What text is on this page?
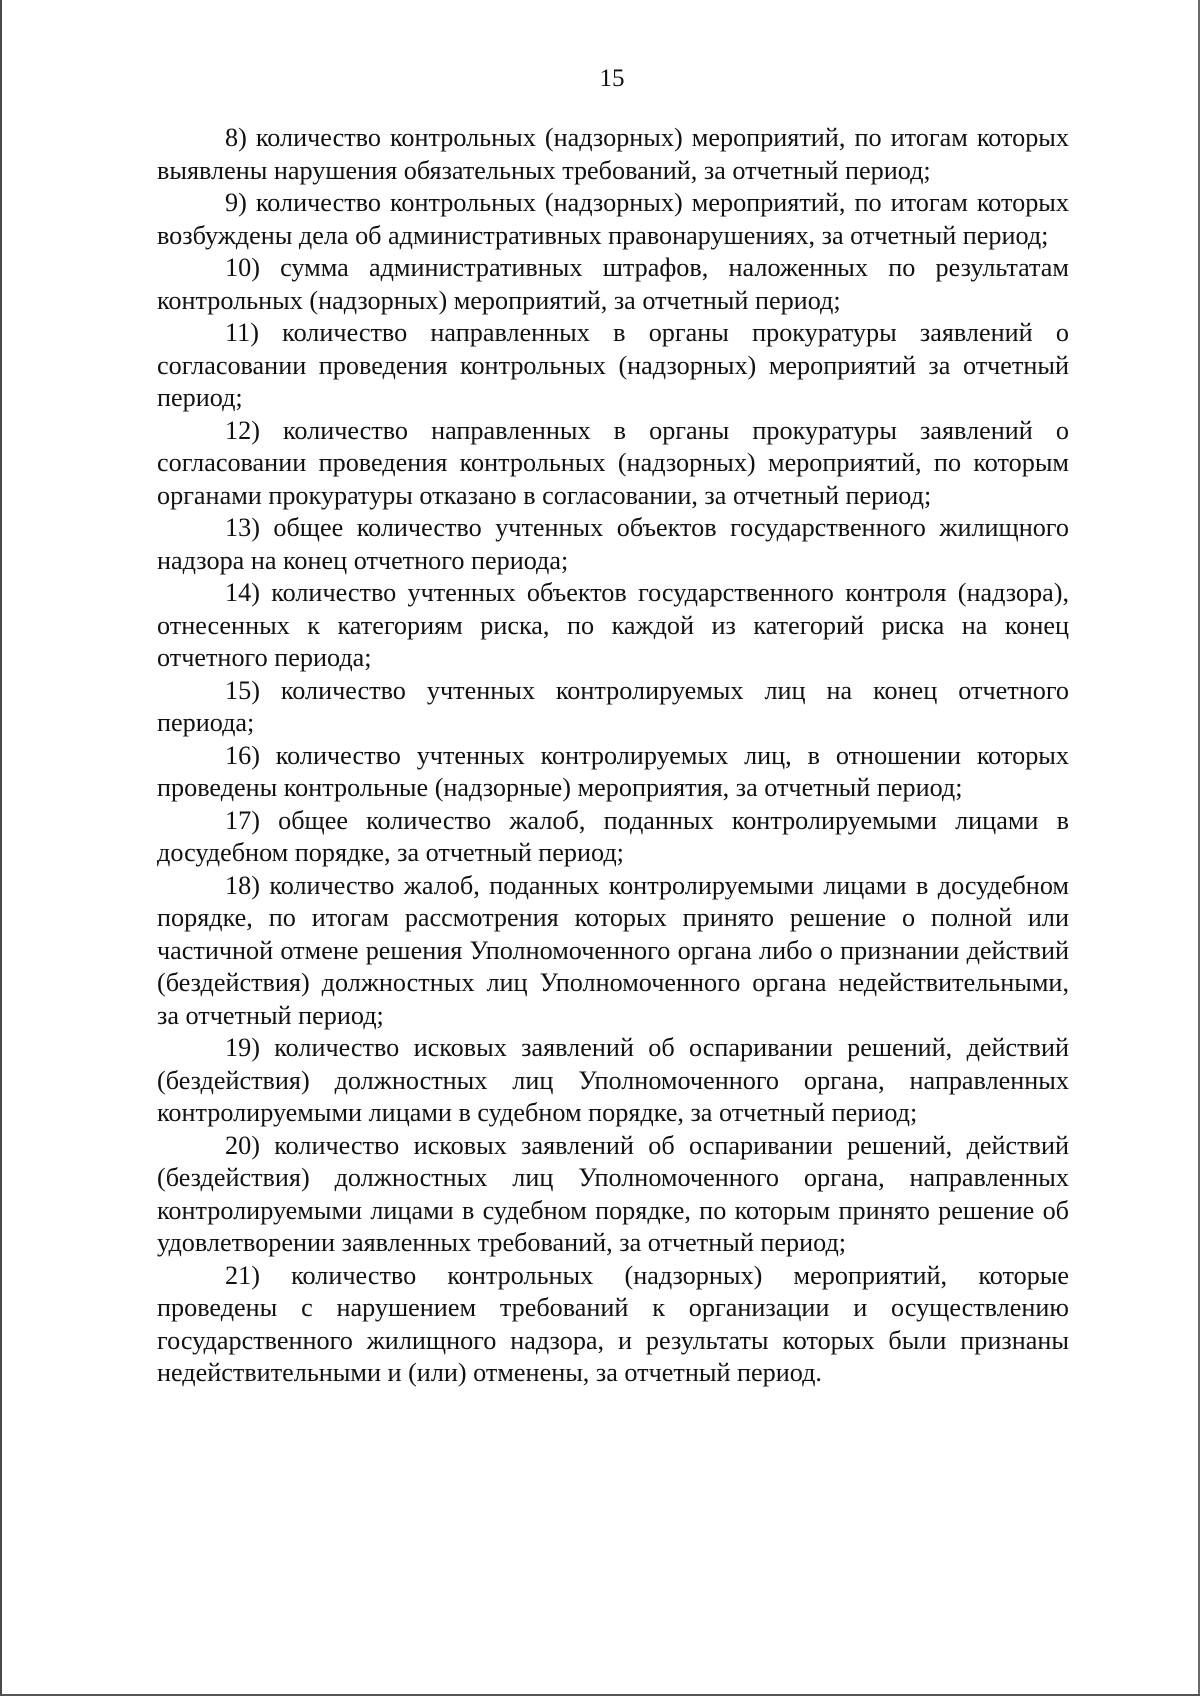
15

8) количество контрольных (надзорных) мероприятий, по итогам которых выявлены нарушения обязательных требований, за отчетный период;

9) количество контрольных (надзорных) мероприятий, по итогам которых возбуждены дела об административных правонарушениях, за отчетный период;

10) сумма административных штрафов, наложенных по результатам контрольных (надзорных) мероприятий, за отчетный период;

11) количество направленных в органы прокуратуры заявлений о согласовании проведения контрольных (надзорных) мероприятий за отчетный период;

12) количество направленных в органы прокуратуры заявлений о согласовании проведения контрольных (надзорных) мероприятий, по которым органами прокуратуры отказано в согласовании, за отчетный период;

13) общее количество учтенных объектов государственного жилищного надзора на конец отчетного периода;

14) количество учтенных объектов государственного контроля (надзора), отнесенных к категориям риска, по каждой из категорий риска на конец отчетного периода;

15) количество учтенных контролируемых лиц на конец отчетного периода;

16) количество учтенных контролируемых лиц, в отношении которых проведены контрольные (надзорные) мероприятия, за отчетный период;

17) общее количество жалоб, поданных контролируемыми лицами в досудебном порядке, за отчетный период;

18) количество жалоб, поданных контролируемыми лицами в досудебном порядке, по итогам рассмотрения которых принято решение о полной или частичной отмене решения Уполномоченного органа либо о признании действий (бездействия) должностных лиц Уполномоченного органа недействительными, за отчетный период;

19) количество исковых заявлений об оспаривании решений, действий (бездействия) должностных лиц Уполномоченного органа, направленных контролируемыми лицами в судебном порядке, за отчетный период;

20) количество исковых заявлений об оспаривании решений, действий (бездействия) должностных лиц Уполномоченного органа, направленных контролируемыми лицами в судебном порядке, по которым принято решение об удовлетворении заявленных требований, за отчетный период;

21) количество контрольных (надзорных) мероприятий, которые проведены с нарушением требований к организации и осуществлению государственного жилищного надзора, и результаты которых были признаны недействительными и (или) отменены, за отчетный период.
